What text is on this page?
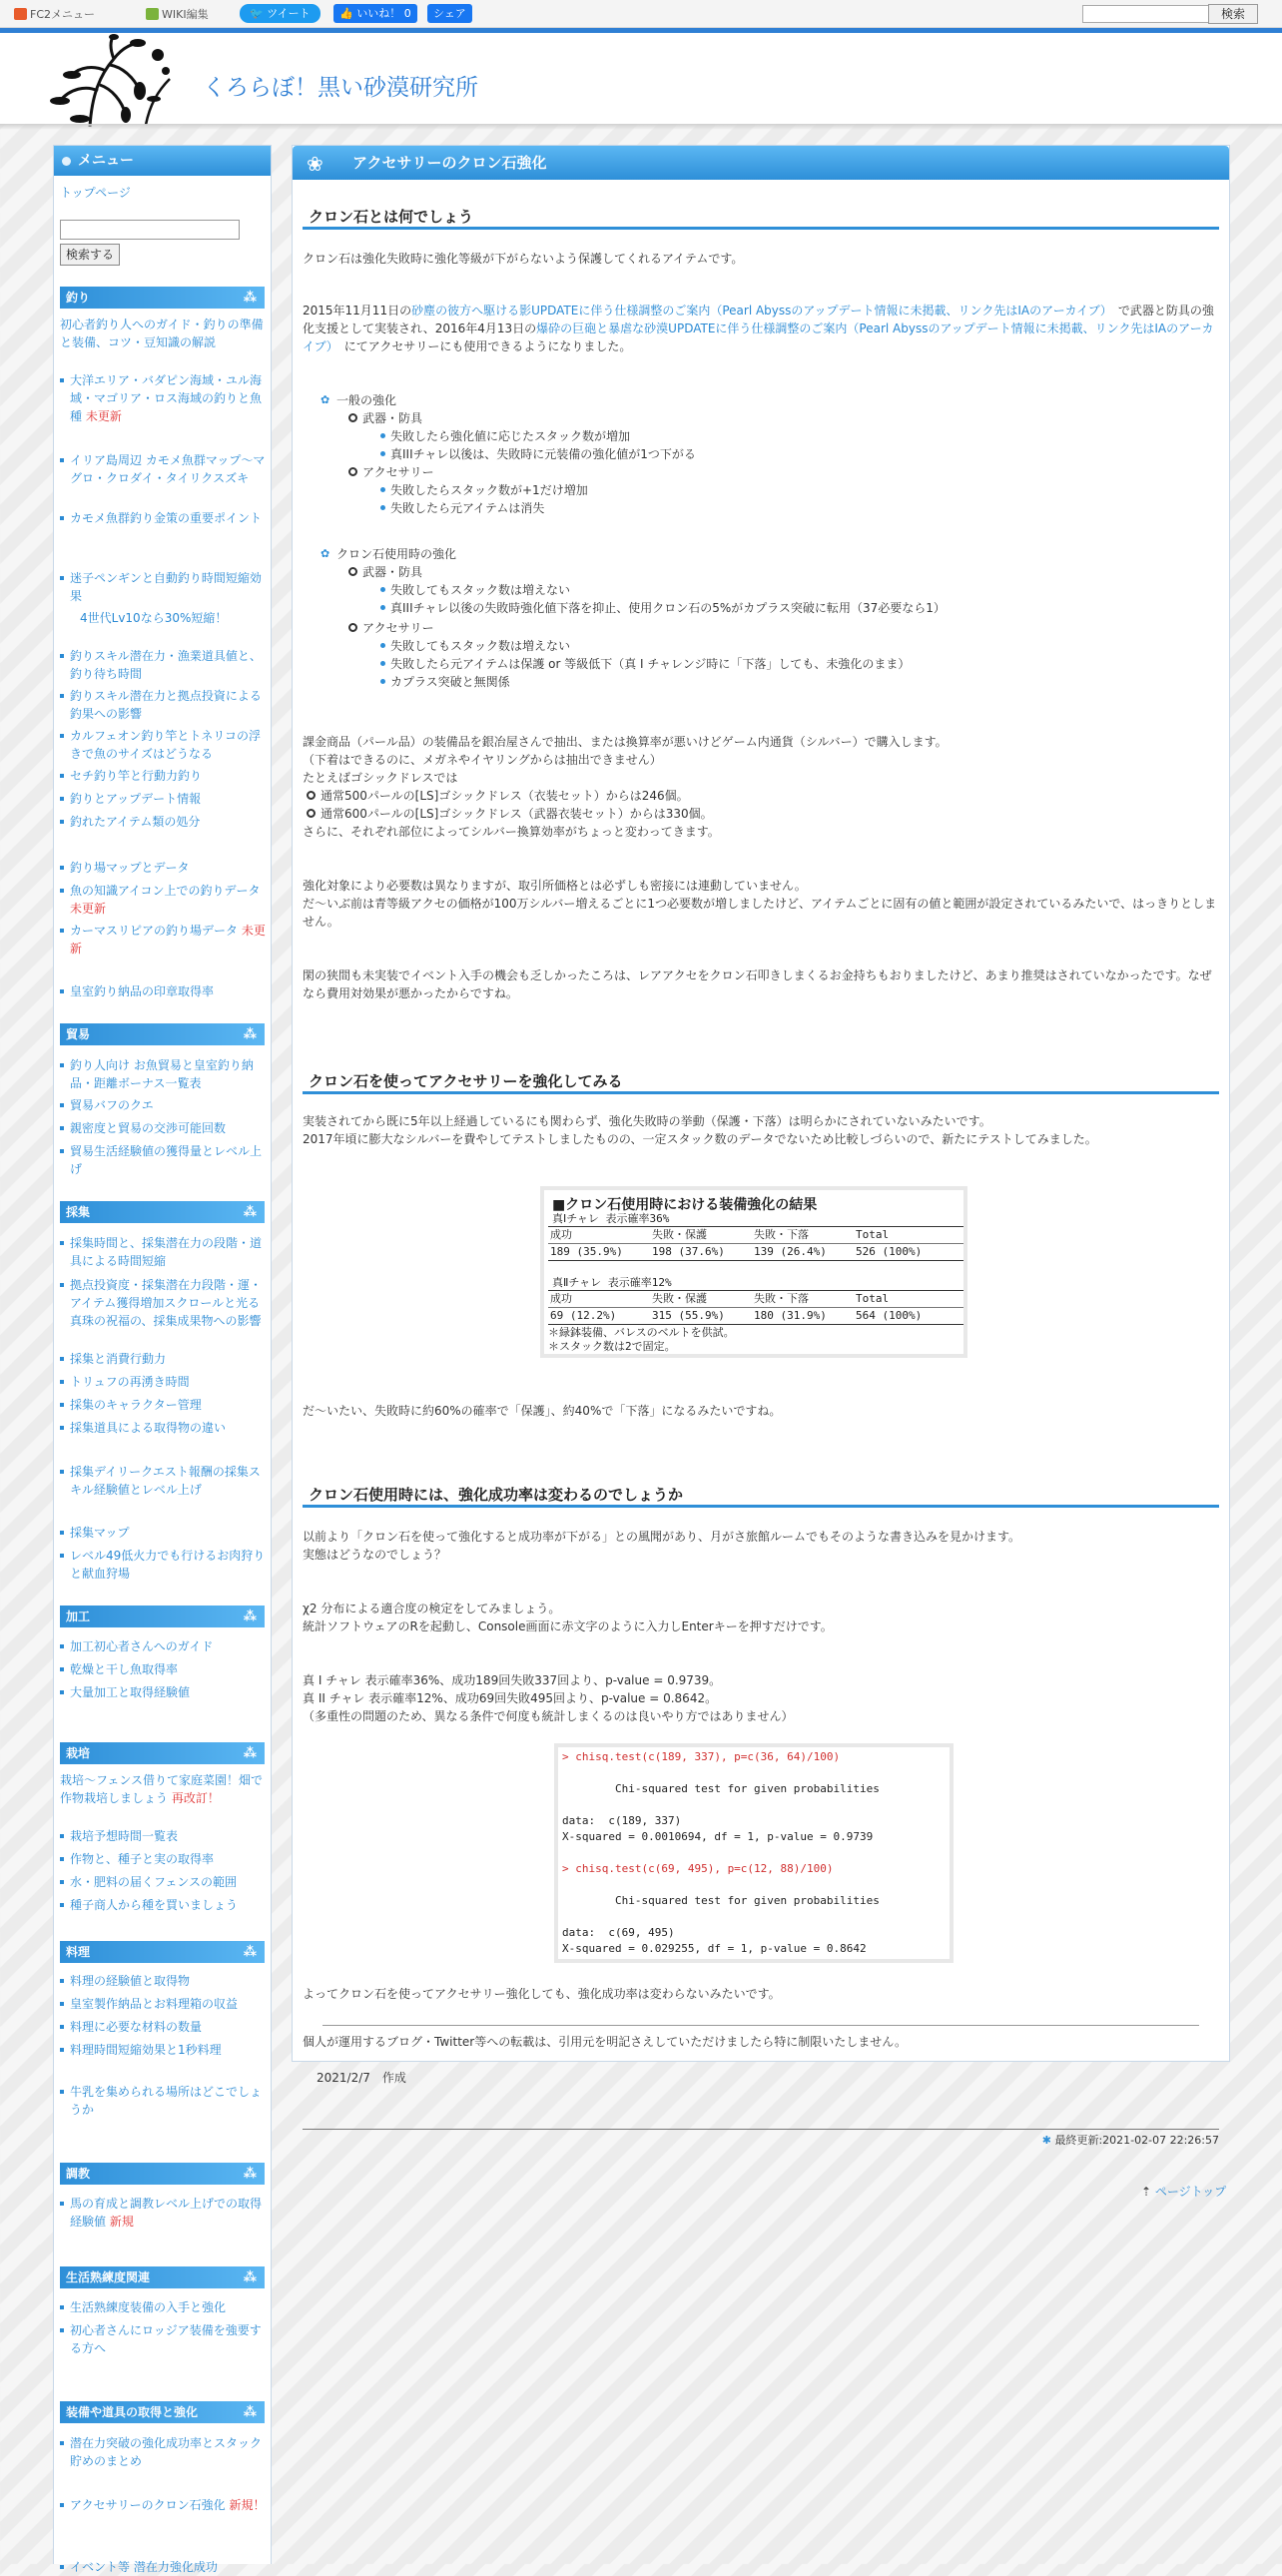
FC2メニュー	WIKI編集	🐦 ツイート	👍 いいね！ 0	シェア	検索
くろらぼ！黒い砂漠研究所
メニュー
トップページ
検索する
釣り	⁂
初心者釣り人へのガイド・釣りの準備と装備、コツ・豆知識の解説
大洋エリア・バダピン海域・ユル海域・マゴリア・ロス海域の釣りと魚種 未更新
イリア島周辺 カモメ魚群マップ～マグロ・クロダイ・タイリクスズキ
カモメ魚群釣り金策の重要ポイント
迷子ペンギンと自動釣り時間短縮効果
4世代Lv10なら30%短縮！
釣りスキル潜在力・漁業道具値と、釣り待ち時間
釣りスキル潜在力と拠点投資による釣果への影響
カルフェオン釣り竿とトネリコの浮きで魚のサイズはどうなる
セチ釣り竿と行動力釣り
釣りとアップデート情報
釣れたアイテム類の処分
釣り場マップとデータ
魚の知識アイコン上での釣りデータ 未更新
カーマスリピアの釣り場データ 未更新
皇室釣り納品の印章取得率
貿易	⁂
釣り人向け お魚貿易と皇室釣り納品・距離ボーナス一覧表
貿易バフのクエ
親密度と貿易の交渉可能回数
貿易生活経験値の獲得量とレベル上げ
採集	⁂
採集時間と、採集潜在力の段階・道具による時間短縮
拠点投資度・採集潜在力段階・運・アイテム獲得増加スクロールと光る真珠の祝福の、採集成果物への影響
採集と消費行動力
トリュフの再湧き時間
採集のキャラクター管理
採集道具による取得物の違い
採集デイリークエスト報酬の採集スキル経験値とレベル上げ
採集マップ
レベル49低火力でも行けるお肉狩りと献血狩場
加工	⁂
加工初心者さんへのガイド
乾燥と干し魚取得率
大量加工と取得経験値
栽培	⁂
栽培～フェンス借りて家庭菜園！畑で作物栽培しましょう 再改訂！
栽培予想時間一覧表
作物と、種子と実の取得率
水・肥料の届くフェンスの範囲
種子商人から種を買いましょう
料理	⁂
料理の経験値と取得物
皇室製作納品とお料理箱の収益
料理に必要な材料の数量
料理時間短縮効果と1秒料理
牛乳を集められる場所はどこでしょうか
調教	⁂
馬の育成と調教レベル上げでの取得経験値 新規
生活熟練度関連	⁂
生活熟練度装備の入手と強化
初心者さんにロッジア装備を強要する方へ
装備や道具の取得と強化	⁂
潜在力突破の強化成功率とスタック貯めのまとめ
アクセサリーのクロン石強化 新規！
イベント等 潜在力強化成功
❀ アクセサリーのクロン石強化
クロン石とは何でしょう
クロン石は強化失敗時に強化等級が下がらないよう保護してくれるアイテムです。
2015年11月11日の砂塵の彼方へ駆ける影UPDATEに伴う仕様調整のご案内（Pearl Abyssのアップデート情報に未掲載、リンク先はIAのアーカイブ）　 で武器と防具の強化支援として実装され、2016年4月13日の爆砕の巨砲と暴虐な砂漠UPDATEに伴う仕様調整のご案内（Pearl Abyssのアップデート情報に未掲載、リンク先はIAのアーカイブ）　 にてアクセサリーにも使用できるようになりました。
✿ 一般の強化
武器・防具
失敗したら強化値に応じたスタック数が増加
真IIIチャレ以後は、失敗時に元装備の強化値が1つ下がる
アクセサリー
失敗したらスタック数が+1だけ増加
失敗したら元アイテムは消失
✿ クロン石使用時の強化
武器・防具
失敗してもスタック数は増えない
真IIIチャレ以後の失敗時強化値下落を抑止、使用クロン石の5%がカプラス突破に転用（37必要なら1）
アクセサリー
失敗してもスタック数は増えない
失敗したら元アイテムは保護 or 等級低下（真 I チャレンジ時に「下落」しても、未強化のまま）
カプラス突破と無関係
課金商品（パール品）の装備品を銀冶屋さんで抽出、または換算率が悪いけどゲーム内通貨（シルバー）で購入します。
（下着はできるのに、メガネやイヤリングからは抽出できません）
たとえばゴシックドレスでは
通常500パールの[LS]ゴシックドレス（衣装セット）からは246個。
通常600パールの[LS]ゴシックドレス（武器衣装セット）からは330個。
さらに、それぞれ部位によってシルバー換算効率がちょっと変わってきます。
強化対象により必要数は異なりますが、取引所価格とは必ずしも密接には連動していません。
だ～いぶ前は青等級アクセの価格が100万シルバー増えるごとに1つ必要数が増しましたけど、アイテムごとに固有の値と範囲が設定されているみたいで、はっきりとしません。
閑の狭間も未実装でイベント入手の機会も乏しかったころは、レアアクセをクロン石叩きしまくるお金持ちもおりましたけど、あまり推奨はされていなかったです。なぜなら費用対効果が悪かったからですね。
クロン石を使ってアクセサリーを強化してみる
実装されてから既に5年以上経過しているにも関わらず、強化失敗時の挙動（保護・下落）は明らかにされていないみたいです。
2017年頃に膨大なシルバーを費やしてテストしましたものの、一定スタック数のデータでないため比較しづらいので、新たにテストしてみました。
■クロン石使用時における装備強化の結果
真Ⅰチャレ 表示確率36%
成功	失敗・保護	失敗・下落	Total
189 (35.9%)	198 (37.6%)	139 (26.4%)	526 (100%)
真Ⅱチャレ 表示確率12%
成功	失敗・保護	失敗・下落	Total
69 (12.2%)	315 (55.9%)	180 (31.9%)	564 (100%)
＊緑鉢装備、バレスのベルトを供試。
＊スタック数は2で固定。
だ～いたい、失敗時に約60%の確率で「保護」、約40%で「下落」になるみたいですね。
クロン石使用時には、強化成功率は変わるのでしょうか
以前より「クロン石を使って強化すると成功率が下がる」との風聞があり、月がさ旅館ルームでもそのような書き込みを見かけます。
実態はどうなのでしょう？
χ2 分布による適合度の検定をしてみましょう。
統計ソフトウェアのRを起動し、Console画面に赤文字のように入力しEnterキーを押すだけです。
真 I チャレ 表示確率36%、成功189回失敗337回より、p-value = 0.9739。
真 II チャレ 表示確率12%、成功69回失敗495回より、p-value = 0.8642。
（多重性の問題のため、異なる条件で何度も統計しまくるのは良いやり方ではありません）
> chisq.test(c(189, 337), p=c(36, 64)/100)
Chi-squared test for given probabilities
data:  c(189, 337)
X-squared = 0.0010694, df = 1, p-value = 0.9739
> chisq.test(c(69, 495), p=c(12, 88)/100)
Chi-squared test for given probabilities
data:  c(69, 495)
X-squared = 0.029255, df = 1, p-value = 0.8642
よってクロン石を使ってアクセサリー強化しても、強化成功率は変わらないみたいです。
個人が運用するブログ・Twitter等への転載は、引用元を明記さえしていただけましたら特に制限いたしません。
2021/2/7　作成
✱ 最終更新:2021-02-07 22:26:57
⇡ ページトップ
